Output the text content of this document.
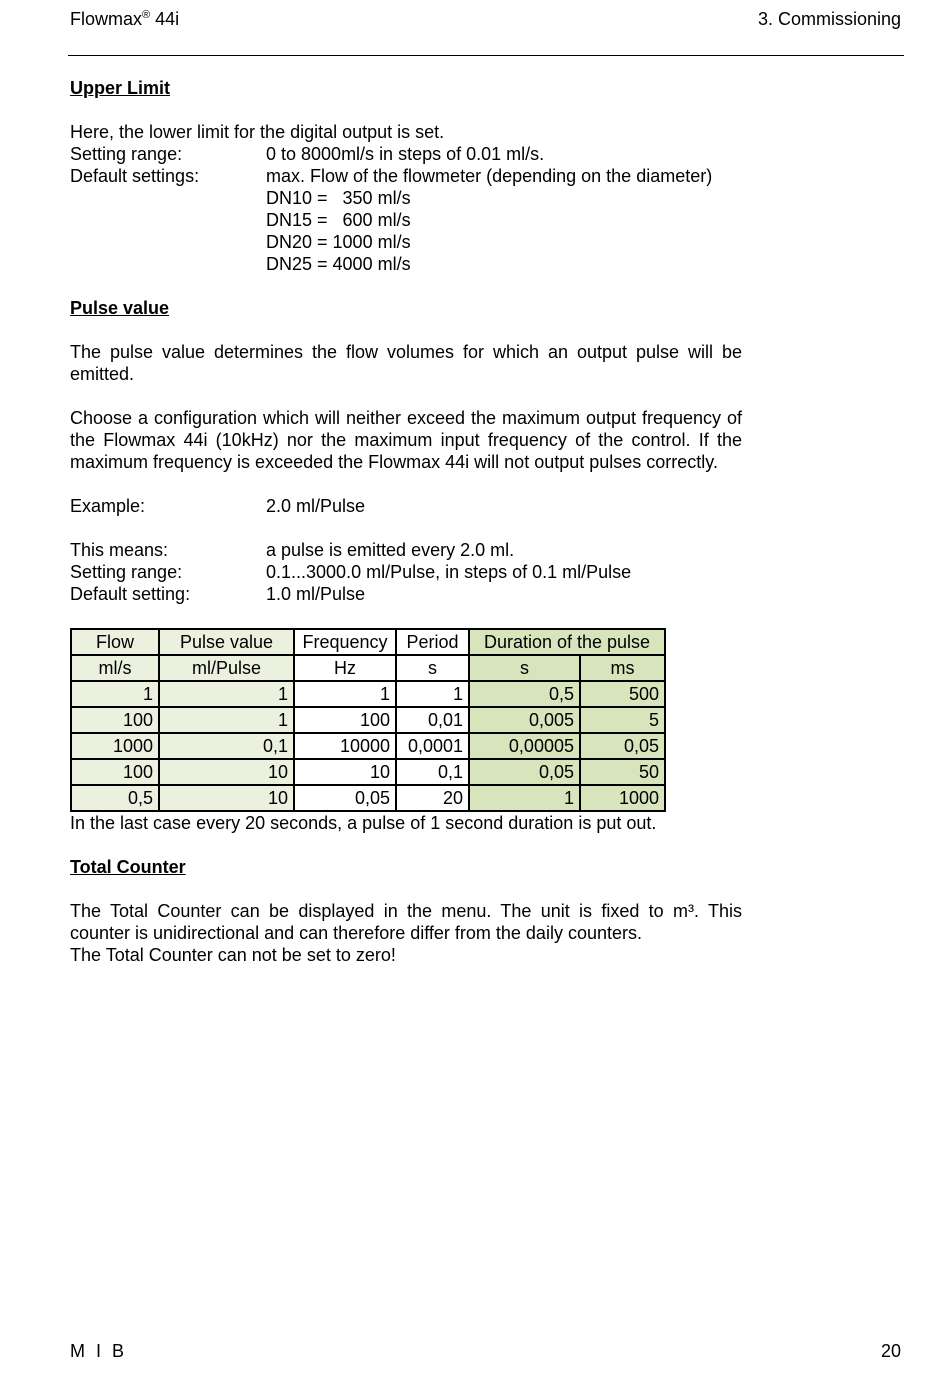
Flowmax® 44i	3. Commissioning

Upper Limit

Here, the lower limit for the digital output is set.

Setting range:	0 to 8000ml/s in steps of 0.01 ml/s.
Default settings:	max. Flow of the flowmeter (depending on the diameter)
DN10 =   350 ml/s
DN15 =   600 ml/s
DN20 = 1000 ml/s
DN25 = 4000 ml/s

Pulse value

The pulse value determines the flow volumes for which an output pulse will be emitted.

Choose a configuration which will neither exceed the maximum output frequency of the Flowmax 44i (10kHz) nor the maximum input frequency of the control. If the maximum frequency is exceeded the Flowmax 44i will not output pulses correctly.

Example:	2.0 ml/Pulse
This means:	a pulse is emitted every 2.0 ml.
Setting range:	0.1...3000.0 ml/Pulse, in steps of 0.1 ml/Pulse
Default setting:	1.0 ml/Pulse
Flow	Pulse value	Frequency	Period	Duration of the pulse	
ml/s	ml/Pulse	Hz	s	s	ms
1	1	1	1	0,5	500
100	1	100	0,01	0,005	5
1000	0,1	10000	0,0001	0,00005	0,05
100	10	10	0,1	0,05	50
0,5	10	0,05	20	1	1000

In the last case every 20 seconds, a pulse of 1 second duration is put out.

Total Counter

The Total Counter can be displayed in the menu. The unit is fixed to m³. This counter is unidirectional and can therefore differ from the daily counters.

The Total Counter can not be set to zero!

M I B	20
